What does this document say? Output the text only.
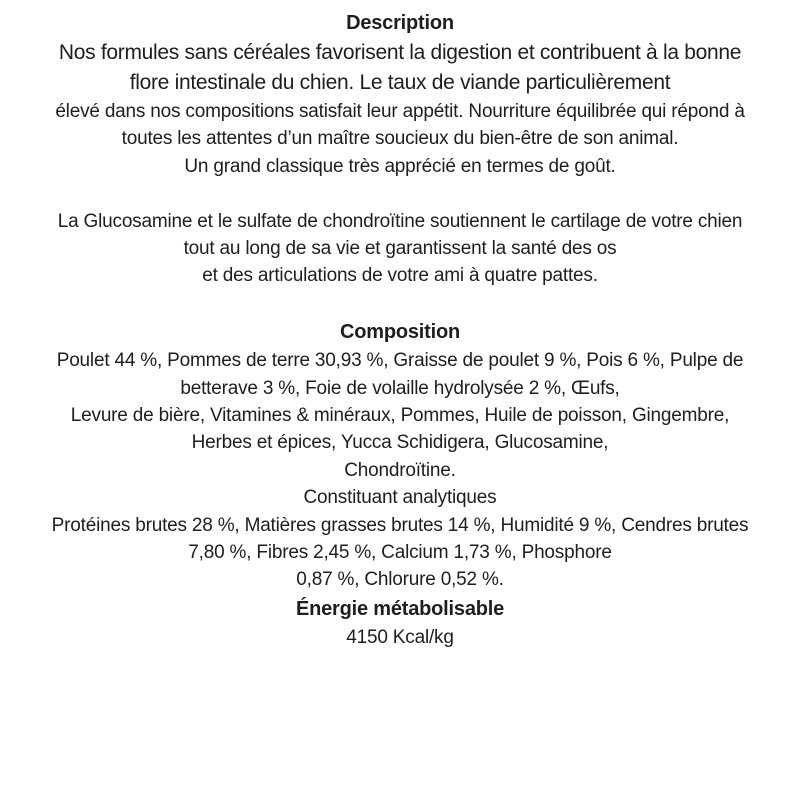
Description
Nos formules sans céréales favorisent la digestion et contribuent à la bonne
flore intestinale du chien. Le taux de viande particulièrement
élevé dans nos compositions satisfait leur appétit. Nourriture équilibrée qui répond à
toutes les attentes d’un maître soucieux du bien-être de son animal.
Un grand classique très apprécié en termes de goût.
La Glucosamine et le sulfate de chondroïtine soutiennent le cartilage de votre chien
tout au long de sa vie et garantissent la santé des os
et des articulations de votre ami à quatre pattes.
Composition
Poulet 44 %, Pommes de terre 30,93 %, Graisse de poulet 9 %, Pois 6 %, Pulpe de
betterave 3 %, Foie de volaille hydrolysée 2 %, Œufs,
Levure de bière, Vitamines & minéraux, Pommes, Huile de poisson, Gingembre,
Herbes et épices, Yucca Schidigera, Glucosamine,
Chondroïtine.
Constituant analytiques
Protéines brutes 28 %, Matières grasses brutes 14 %, Humidité 9 %, Cendres brutes
7,80 %, Fibres 2,45 %, Calcium 1,73 %, Phosphore
0,87 %, Chlorure 0,52 %.
Énergie métabolisable
4150 Kcal/kg
